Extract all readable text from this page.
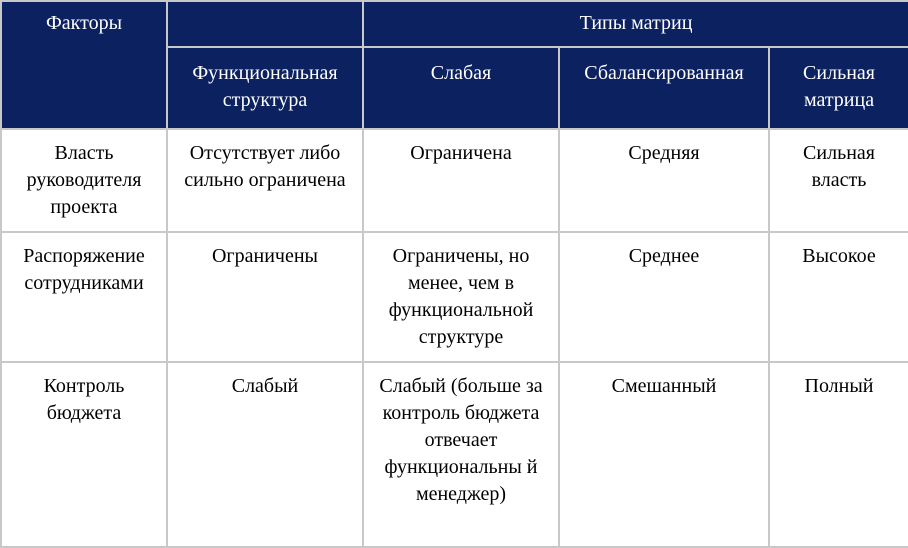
Факторы		Типы матриц		
	Функциональная структура	Слабая	Сбалансированная	Сильная матрица
Власть руководителя проекта	Отсутствует либо сильно ограничена	Ограничена	Средняя	Сильная власть
Распоряжение сотрудниками	Ограничены	Ограничены, но менее, чем в функциональной структуре	Среднее	Высокое
Контроль бюджета	Слабый	Слабый (больше за контроль бюджета отвечает функциональны й менеджер)	Смешанный	Полный
